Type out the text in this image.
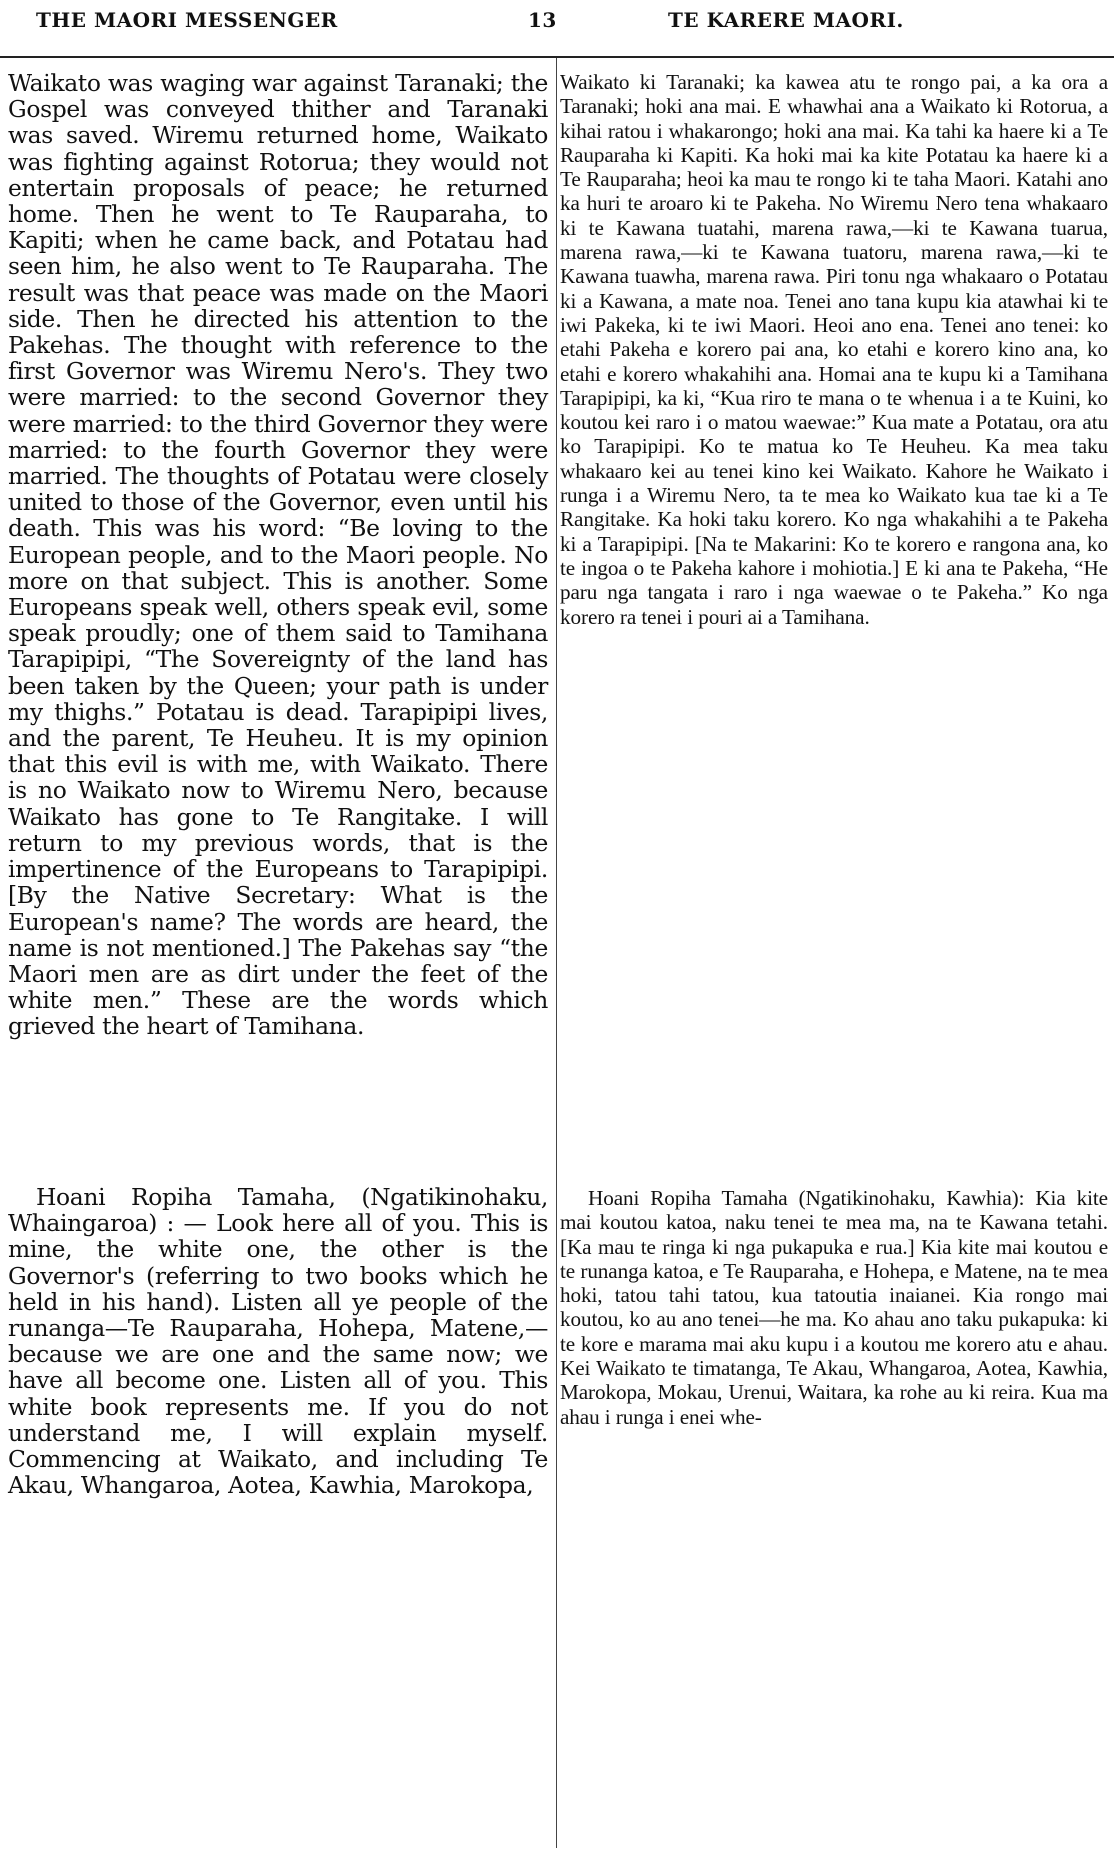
THE MAORI MESSENGER	13	TE KARERE MAORI.

Waikato was waging war against Taranaki; the Gospel was conveyed thither and Taranaki was saved. Wiremu returned home, Waikato was fighting against Rotorua; they would not entertain proposals of peace; he returned home. Then he went to Te Rauparaha, to Kapiti; when he came back, and Potatau had seen him, he also went to Te Rauparaha. The result was that peace was made on the Maori side. Then he directed his attention to the Pakehas. The thought with reference to the first Governor was Wiremu Nero's. They two were married: to the second Governor they were married: to the third Governor they were married: to the fourth Governor they were married. The thoughts of Potatau were closely united to those of the Governor, even until his death. This was his word: “Be loving to the European people, and to the Maori people. No more on that subject. This is another. Some Europeans speak well, others speak evil, some speak proudly; one of them said to Tamihana Tarapipipi, “The Sovereignty of the land has been taken by the Queen; your path is under my thighs.” Potatau is dead. Tarapipipi lives, and the parent, Te Heuheu. It is my opinion that this evil is with me, with Waikato. There is no Waikato now to Wiremu Nero, because Waikato has gone to Te Rangitake. I will return to my previous words, that is the impertinence of the Europeans to Tarapipipi. [By the Native Secretary: What is the European's name? The words are heard, the name is not mentioned.] The Pakehas say “the Maori men are as dirt under the feet of the white men.” These are the words which grieved the heart of Tamihana.

Hoani Ropiha Tamaha, (Ngatikinohaku, Whaingaroa) : — Look here all of you. This is mine, the white one, the other is the Governor's (referring to two books which he held in his hand). Listen all ye people of the runanga—Te Rauparaha, Hohepa, Matene,—because we are one and the same now; we have all become one. Listen all of you. This white book represents me. If you do not understand me, I will explain myself. Commencing at Waikato, and including Te Akau, Whangaroa, Aotea, Kawhia, Marokopa,

Waikato ki Taranaki; ka kawea atu te rongo pai, a ka ora a Taranaki; hoki ana mai. E whawhai ana a Waikato ki Rotorua, a kihai ratou i whakarongo; hoki ana mai. Ka tahi ka haere ki a Te Rauparaha ki Kapiti. Ka hoki mai ka kite Potatau ka haere ki a Te Rauparaha; heoi ka mau te rongo ki te taha Maori. Katahi ano ka huri te aroaro ki te Pakeha. No Wiremu Nero tena whakaaro ki te Kawana tuatahi, marena rawa,—ki te Kawana tuarua, marena rawa,—ki te Kawana tuatoru, marena rawa,—ki te Kawana tuawha, marena rawa. Piri tonu nga whakaaro o Potatau ki a Kawana, a mate noa. Tenei ano tana kupu kia atawhai ki te iwi Pakeka, ki te iwi Maori. Heoi ano ena. Tenei ano tenei: ko etahi Pakeha e korero pai ana, ko etahi e korero kino ana, ko etahi e korero whakahihi ana. Homai ana te kupu ki a Tamihana Tarapipipi, ka ki, “Kua riro te mana o te whenua i a te Kuini, ko koutou kei raro i o matou waewae:” Kua mate a Potatau, ora atu ko Tarapipipi. Ko te matua ko Te Heuheu. Ka mea taku whakaaro kei au tenei kino kei Waikato. Kahore he Waikato i runga i a Wiremu Nero, ta te mea ko Waikato kua tae ki a Te Rangitake. Ka hoki taku korero. Ko nga whakahihi a te Pakeha ki a Tarapipipi. [Na te Makarini: Ko te korero e rangona ana, ko te ingoa o te Pakeha kahore i mohiotia.] E ki ana te Pakeha, “He paru nga tangata i raro i nga waewae o te Pakeha.” Ko nga korero ra tenei i pouri ai a Tamihana.

Hoani Ropiha Tamaha (Ngatikinohaku, Kawhia): Kia kite mai koutou katoa, naku tenei te mea ma, na te Kawana tetahi. [Ka mau te ringa ki nga pukapuka e rua.] Kia kite mai koutou e te runanga katoa, e Te Rauparaha, e Hohepa, e Matene, na te mea hoki, tatou tahi tatou, kua tatoutia inaianei. Kia rongo mai koutou, ko au ano tenei—he ma. Ko ahau ano taku pukapuka: ki te kore e marama mai aku kupu i a koutou me korero atu e ahau. Kei Waikato te timatanga, Te Akau, Whangaroa, Aotea, Kawhia, Marokopa, Mokau, Urenui, Waitara, ka rohe au ki reira. Kua ma ahau i runga i enei whe-
